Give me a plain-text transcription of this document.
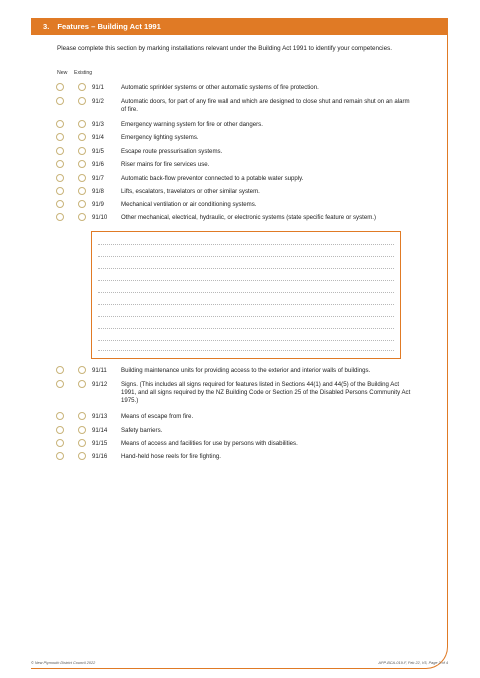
3. Features – Building Act 1991
Please complete this section by marking installations relevant under the Building Act 1991 to identify your competencies.
New Existing
91/1	Automatic sprinkler systems or other automatic systems of fire protection.
91/2	Automatic doors, for part of any fire wall and which are designed to close shut and remain shut on an alarm of fire.
91/3	Emergency warning system for fire or other dangers.
91/4	Emergency lighting systems.
91/5	Escape route pressurisation systems.
91/6	Riser mains for fire services use.
91/7	Automatic back-flow preventor connected to a potable water supply.
91/8	Lifts, escalators, travelators or other similar system.
91/9	Mechanical ventilation or air conditioning systems.
91/10 Other mechanical, electrical, hydraulic, or electronic systems (state specific feature or system.)
91/11 Building maintenance units for providing access to the exterior and interior walls of buildings.
91/12 Signs. (This includes all signs required for features listed in Sections 44(1) and 44(5) of the Building Act 1991, and all signs required by the NZ Building Code or Section 25 of the Disabled Persons Community Act 1975.)
91/13 Means of escape from fire.
91/14 Safety barriers.
91/15 Means of access and facilities for use by persons with disabilities.
91/16 Hand-held hose reels for fire fighting.
© New Plymouth District Council 2022	APP-BCA-019-F, Feb 22, V5, Page 3 of 4
